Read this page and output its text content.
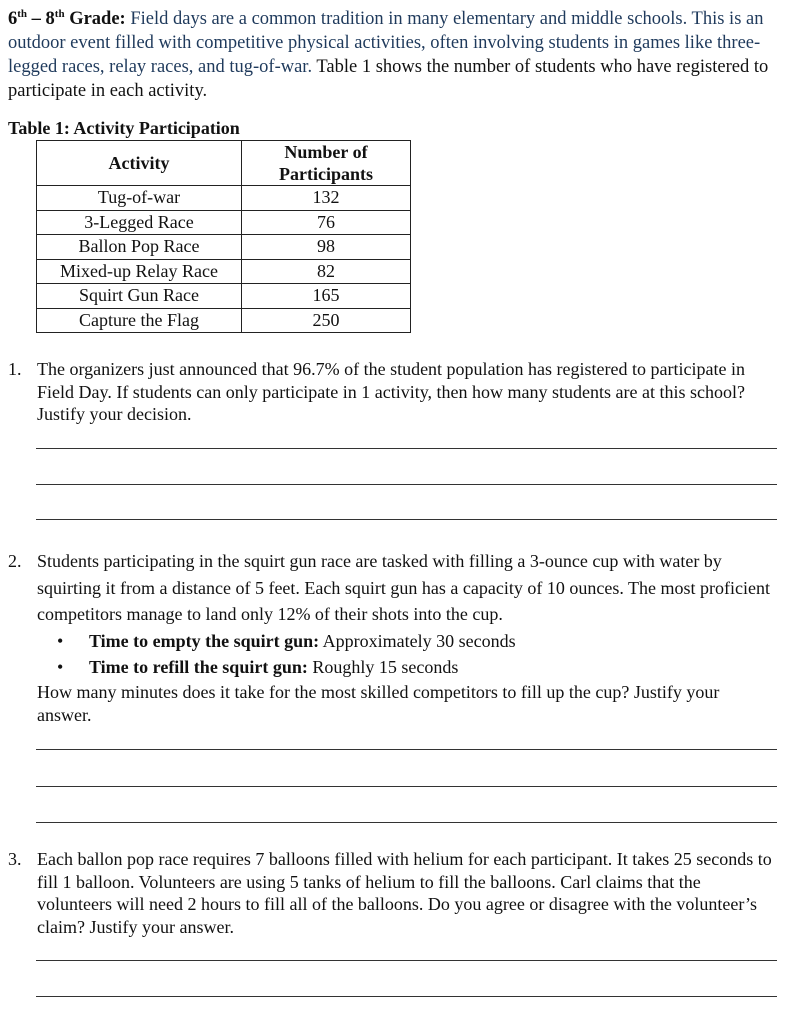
6th – 8th Grade: Field days are a common tradition in many elementary and middle schools. This is an outdoor event filled with competitive physical activities, often involving students in games like three-legged races, relay races, and tug-of-war. Table 1 shows the number of students who have registered to participate in each activity.
Table 1: Activity Participation
Activity	Number of
Participants
Tug-of-war	132
3-Legged Race	76
Ballon Pop Race	98
Mixed-up Relay Race	82
Squirt Gun Race	165
Capture the Flag	250
1. The organizers just announced that 96.7% of the student population has registered to participate in Field Day. If students can only participate in 1 activity, then how many students are at this school? Justify your decision.
2. Students participating in the squirt gun race are tasked with filling a 3-ounce cup with water by squirting it from a distance of 5 feet. Each squirt gun has a capacity of 10 ounces. The most proficient competitors manage to land only 12% of their shots into the cup.
• Time to empty the squirt gun: Approximately 30 seconds
• Time to refill the squirt gun: Roughly 15 seconds
How many minutes does it take for the most skilled competitors to fill up the cup? Justify your answer.
3. Each ballon pop race requires 7 balloons filled with helium for each participant. It takes 25 seconds to fill 1 balloon. Volunteers are using 5 tanks of helium to fill the balloons. Carl claims that the volunteers will need 2 hours to fill all of the balloons. Do you agree or disagree with the volunteer’s claim? Justify your answer.
